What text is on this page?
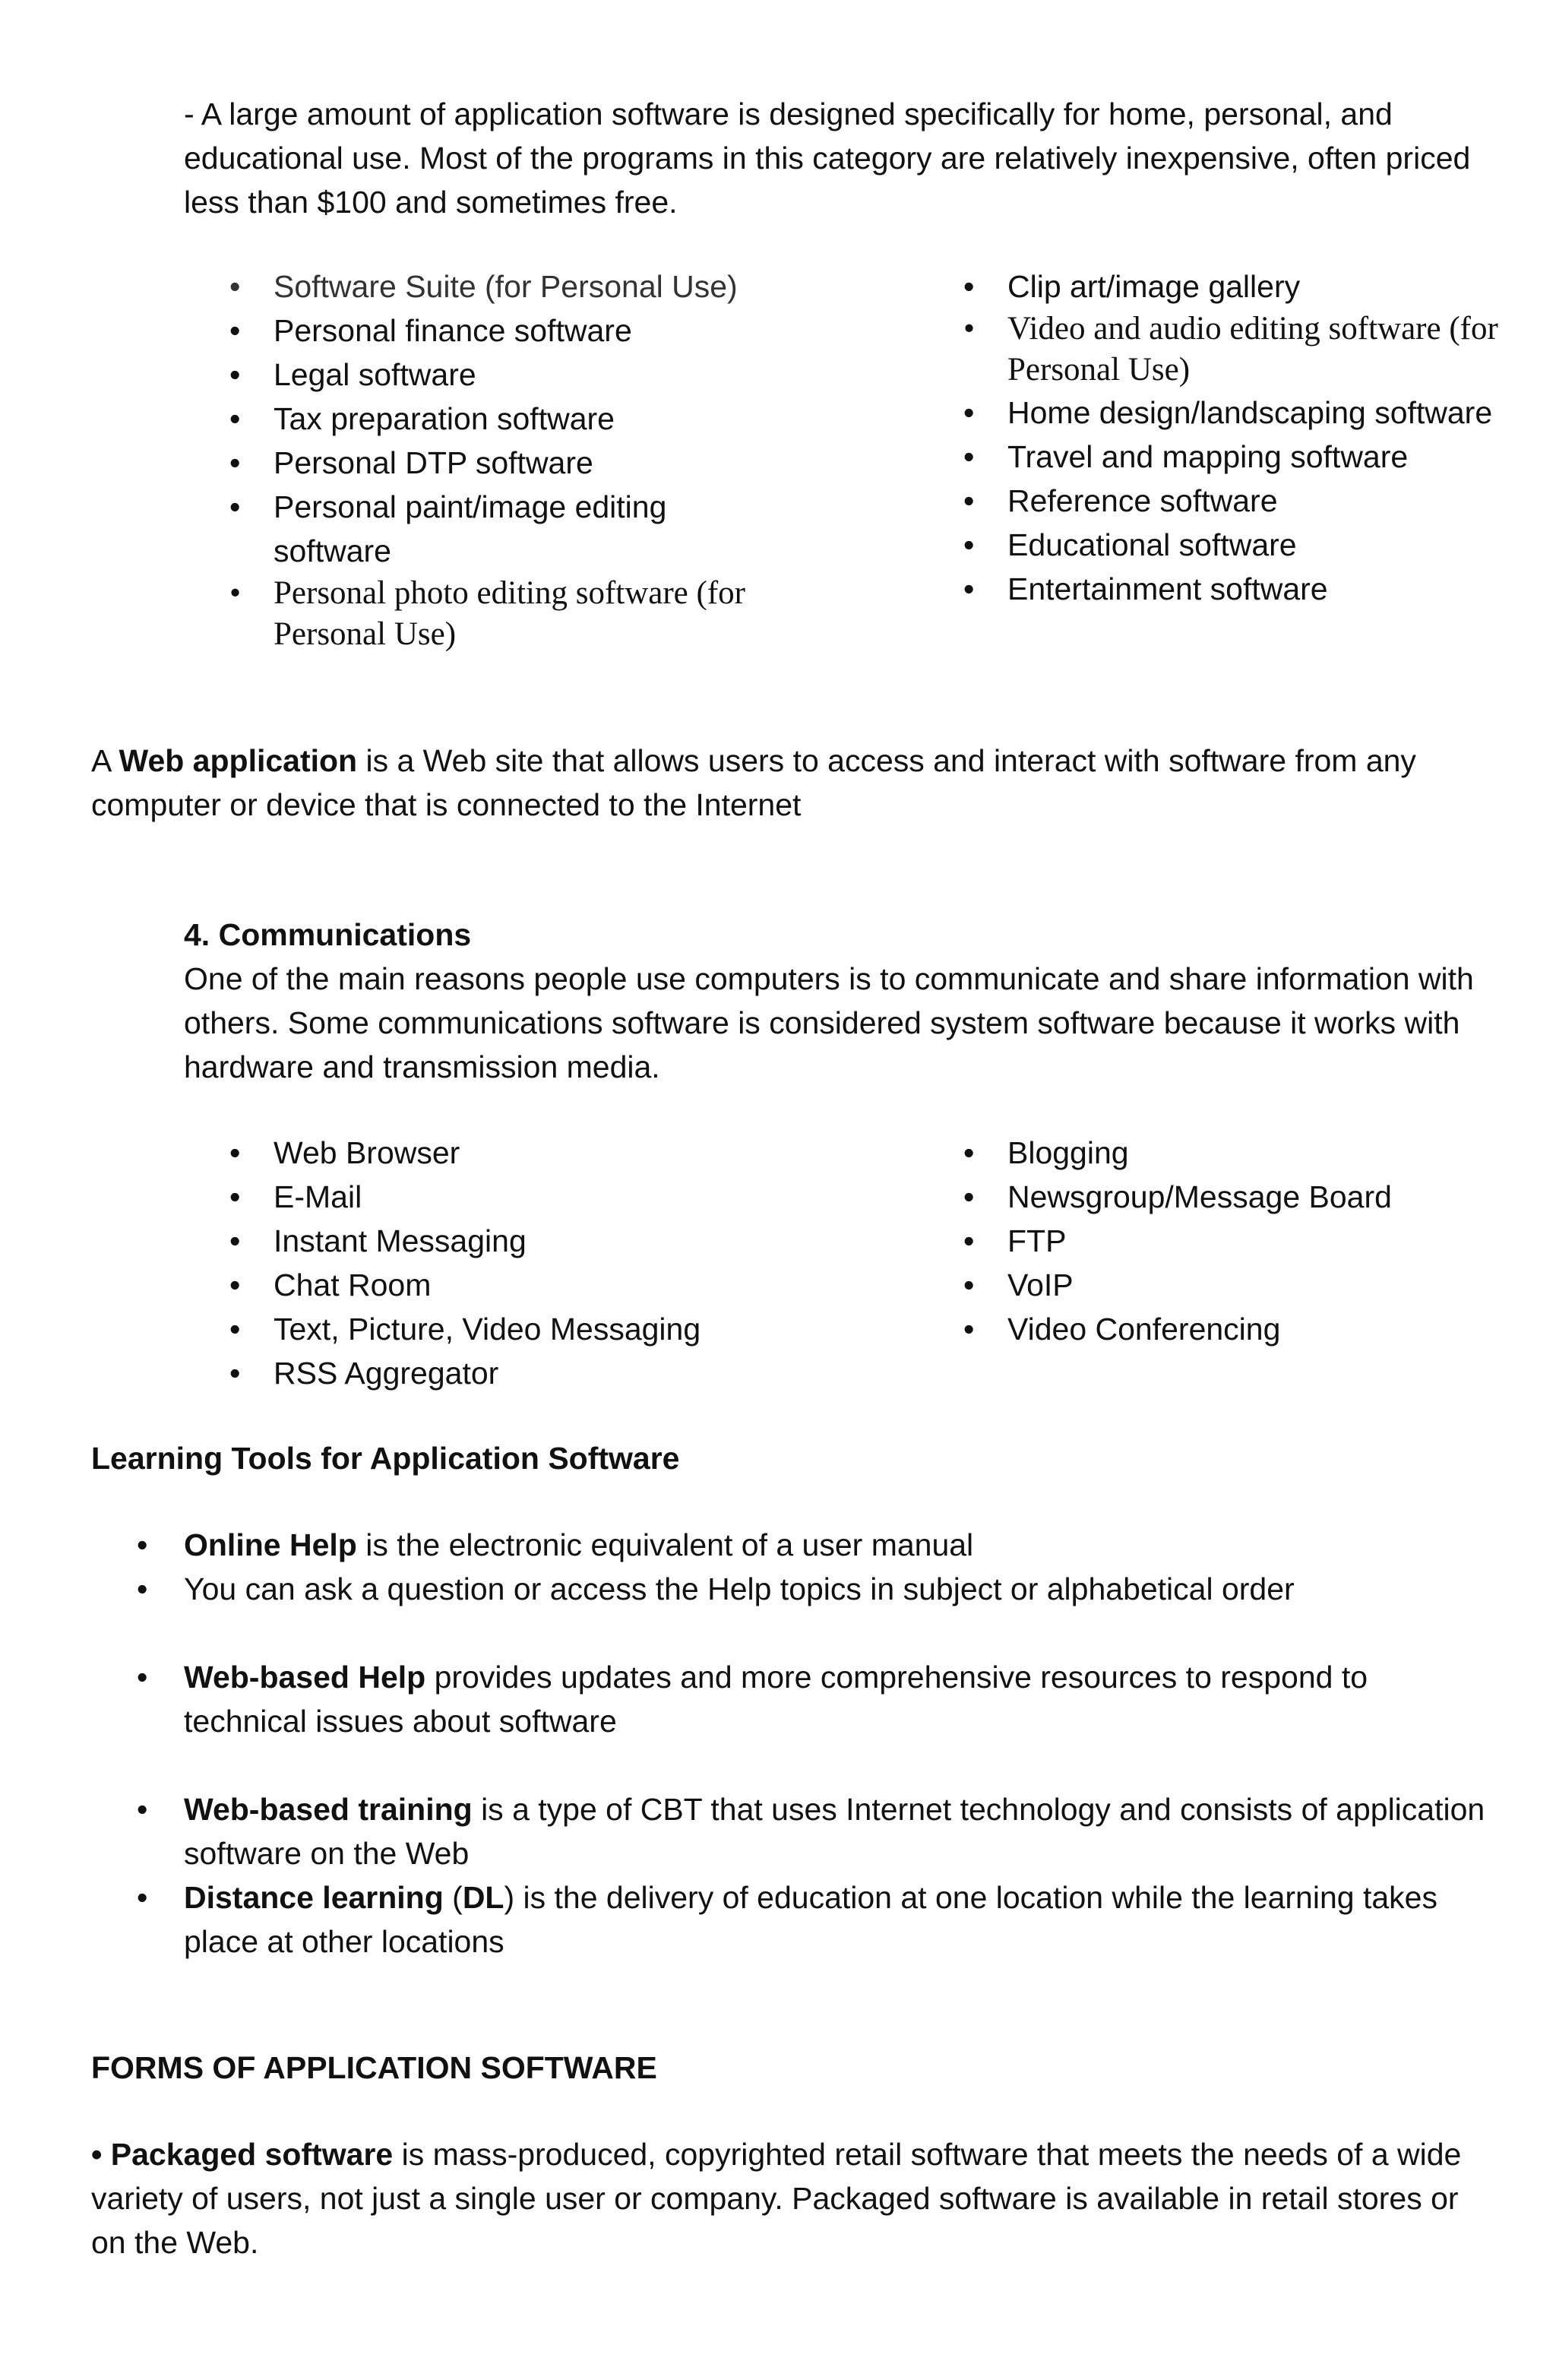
- A large amount of application software is designed specifically for home, personal, and educational use. Most of the programs in this category are relatively inexpensive, often priced less than $100 and sometimes free.

•	Software Suite (for Personal Use)
•	Personal finance software
•	Legal software
•	Tax preparation software
•	Personal DTP software
•	Personal paint/image editing software
• Personal photo editing software (for Personal Use)
•	Clip art/image gallery
• Video and audio editing software (for Personal Use)
•	Home design/landscaping software
•	Travel and mapping software
•	Reference software
•	Educational software
•	Entertainment software

A Web application is a Web site that allows users to access and interact with software from any computer or device that is connected to the Internet

4. Communications

One of the main reasons people use computers is to communicate and share information with others. Some communications software is considered system software because it works with hardware and transmission media.

•	Web Browser
•	E-Mail
•	Instant Messaging
•	Chat Room
•	Text, Picture, Video Messaging
•	RSS Aggregator
•	Blogging
•	Newsgroup/Message Board
•	FTP
•	VoIP
•	Video Conferencing

Learning Tools for Application Software

• Online Help is the electronic equivalent of a user manual

• You can ask a question or access the Help topics in subject or alphabetical order

• Web-based Help provides updates and more comprehensive resources to respond to technical issues about software

• Web-based training is a type of CBT that uses Internet technology and consists of application software on the Web

• Distance learning (DL) is the delivery of education at one location while the learning takes place at other locations

FORMS OF APPLICATION SOFTWARE

• Packaged software is mass-produced, copyrighted retail software that meets the needs of a wide variety of users, not just a single user or company. Packaged software is available in retail stores or on the Web.
